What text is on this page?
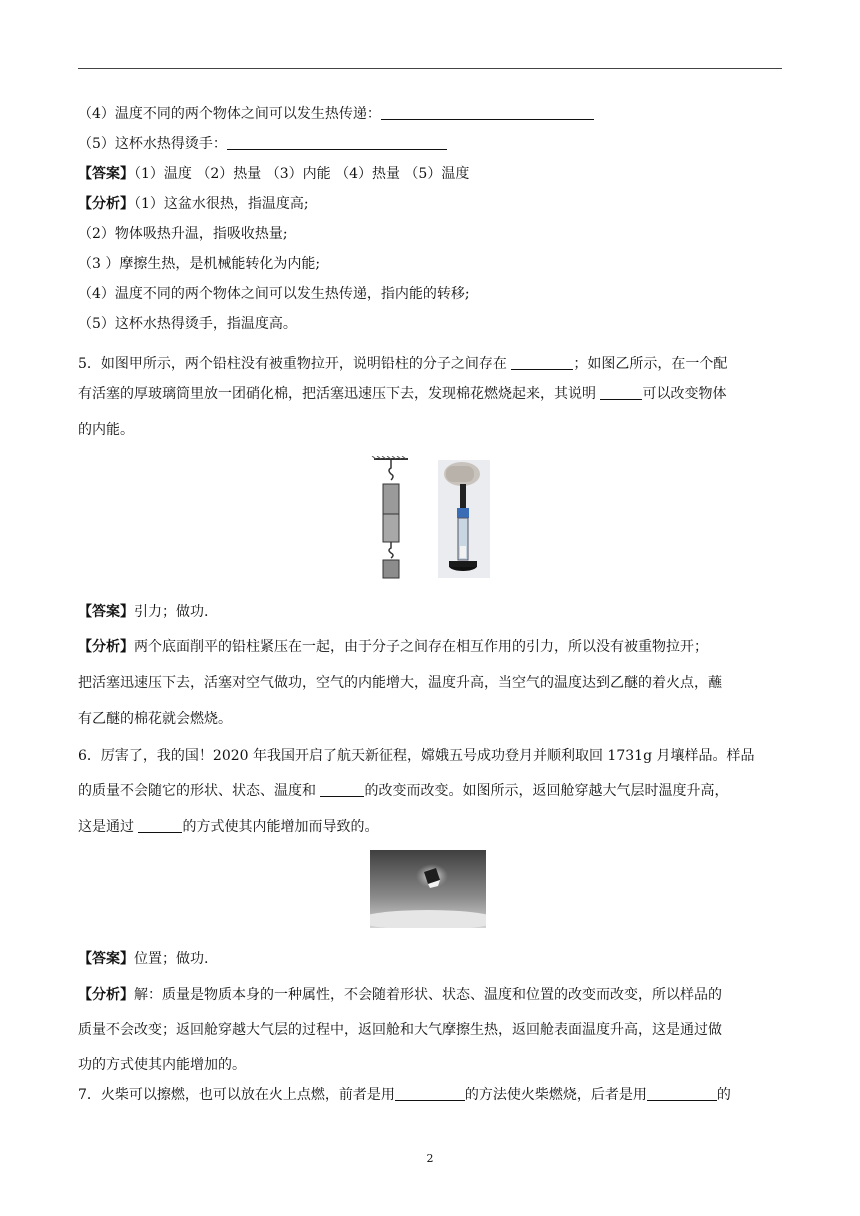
（4）温度不同的两个物体之间可以发生热传递：
（5）这杯水热得烫手：
【答案】（1）温度 （2）热量 （3）内能 （4）热量 （5）温度
【分析】（1）这盆水很热，指温度高;
（2）物体吸热升温，指吸收热量;
（3 ）摩擦生热，是机械能转化为内能;
（4）温度不同的两个物体之间可以发生热传递，指内能的转移;
（5）这杯水热得烫手，指温度高。
5．如图甲所示，两个铅柱没有被重物拉开，说明铅柱的分子之间存在	；如图乙所示，在一个配
有活塞的厚玻璃筒里放一团硝化棉，把活塞迅速压下去，发现棉花燃烧起来，其说明	可以改变物体
的内能。
【答案】引力；做功.
【分析】两个底面削平的铅柱紧压在一起，由于分子之间存在相互作用的引力，所以没有被重物拉开；
把活塞迅速压下去，活塞对空气做功，空气的内能增大，温度升高，当空气的温度达到乙醚的着火点，蘸
有乙醚的棉花就会燃烧。
6．厉害了，我的国！2020 年我国开启了航天新征程，嫦娥五号成功登月并顺利取回 1731g 月壤样品。样品
的质量不会随它的形状、状态、温度和	的改变而改变。如图所示，返回舱穿越大气层时温度升高，
这是通过	的方式使其内能增加而导致的。
【答案】位置；做功.
【分析】解：质量是物质本身的一种属性，不会随着形状、状态、温度和位置的改变而改变，所以样品的
质量不会改变；返回舱穿越大气层的过程中，返回舱和大气摩擦生热，返回舱表面温度升高，这是通过做
功的方式使其内能增加的。
7．火柴可以擦燃，也可以放在火上点燃，前者是用	的方法使火柴燃烧，后者是用	的
2
